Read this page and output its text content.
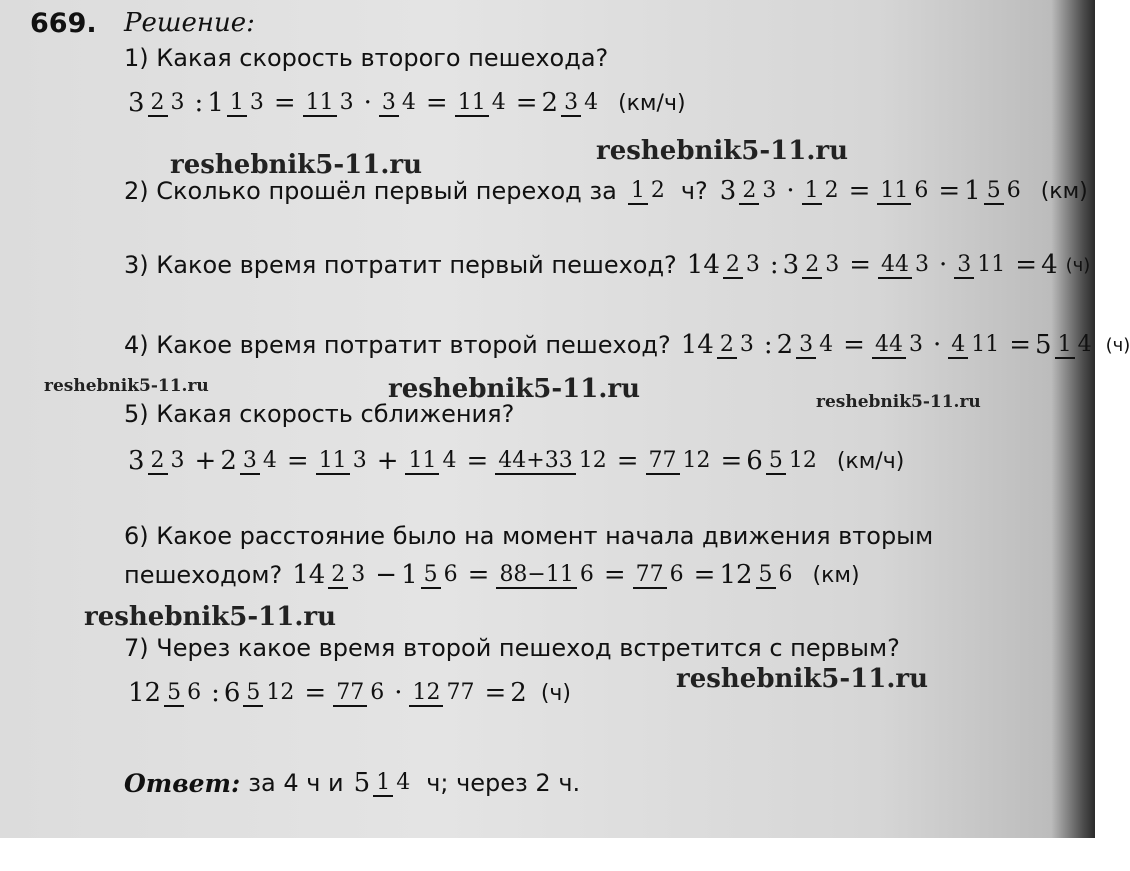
669. Решение:
1) Какая скорость второго пешехода?
3 2 3 : 1 1 3 = 11 3 · 3 4 = 11 4 = 2 3 4 (км/ч)
2) Сколько прошёл первый переход за 1 2 ч? 3 2 3 · 1 2 = 11 6 = 1 5 6 (км)
3) Какое время потратит первый пешеход? 14 2 3 : 3 2 3 = 44 3 · 3 11 = 4 (ч)
4) Какое время потратит второй пешеход? 14 2 3 : 2 3 4 = 44 3 · 4 11 = 5 1 4 (ч)
5) Какая скорость сближения?
3 2 3 + 2 3 4 = 11 3 + 11 4 = 44+33 12 = 77 12 = 6 5 12 (км/ч)
6) Какое расстояние было на момент начала движения вторым
пешеходом? 14 2 3 − 1 5 6 = 88−11 6 = 77 6 = 12 5 6 (км)
7) Через какое время второй пешеход встретится с первым?
12 5 6 : 6 5 12 = 77 6 · 12 77 = 2 (ч)
Ответ: за 4 ч и 5 1 4 ч; через 2 ч.
reshebnik5-11.ru	reshebnik5-11.ru
reshebnik5-11.ru	reshebnik5-11.ru	reshebnik5-11.ru
reshebnik5-11.ru
reshebnik5-11.ru
